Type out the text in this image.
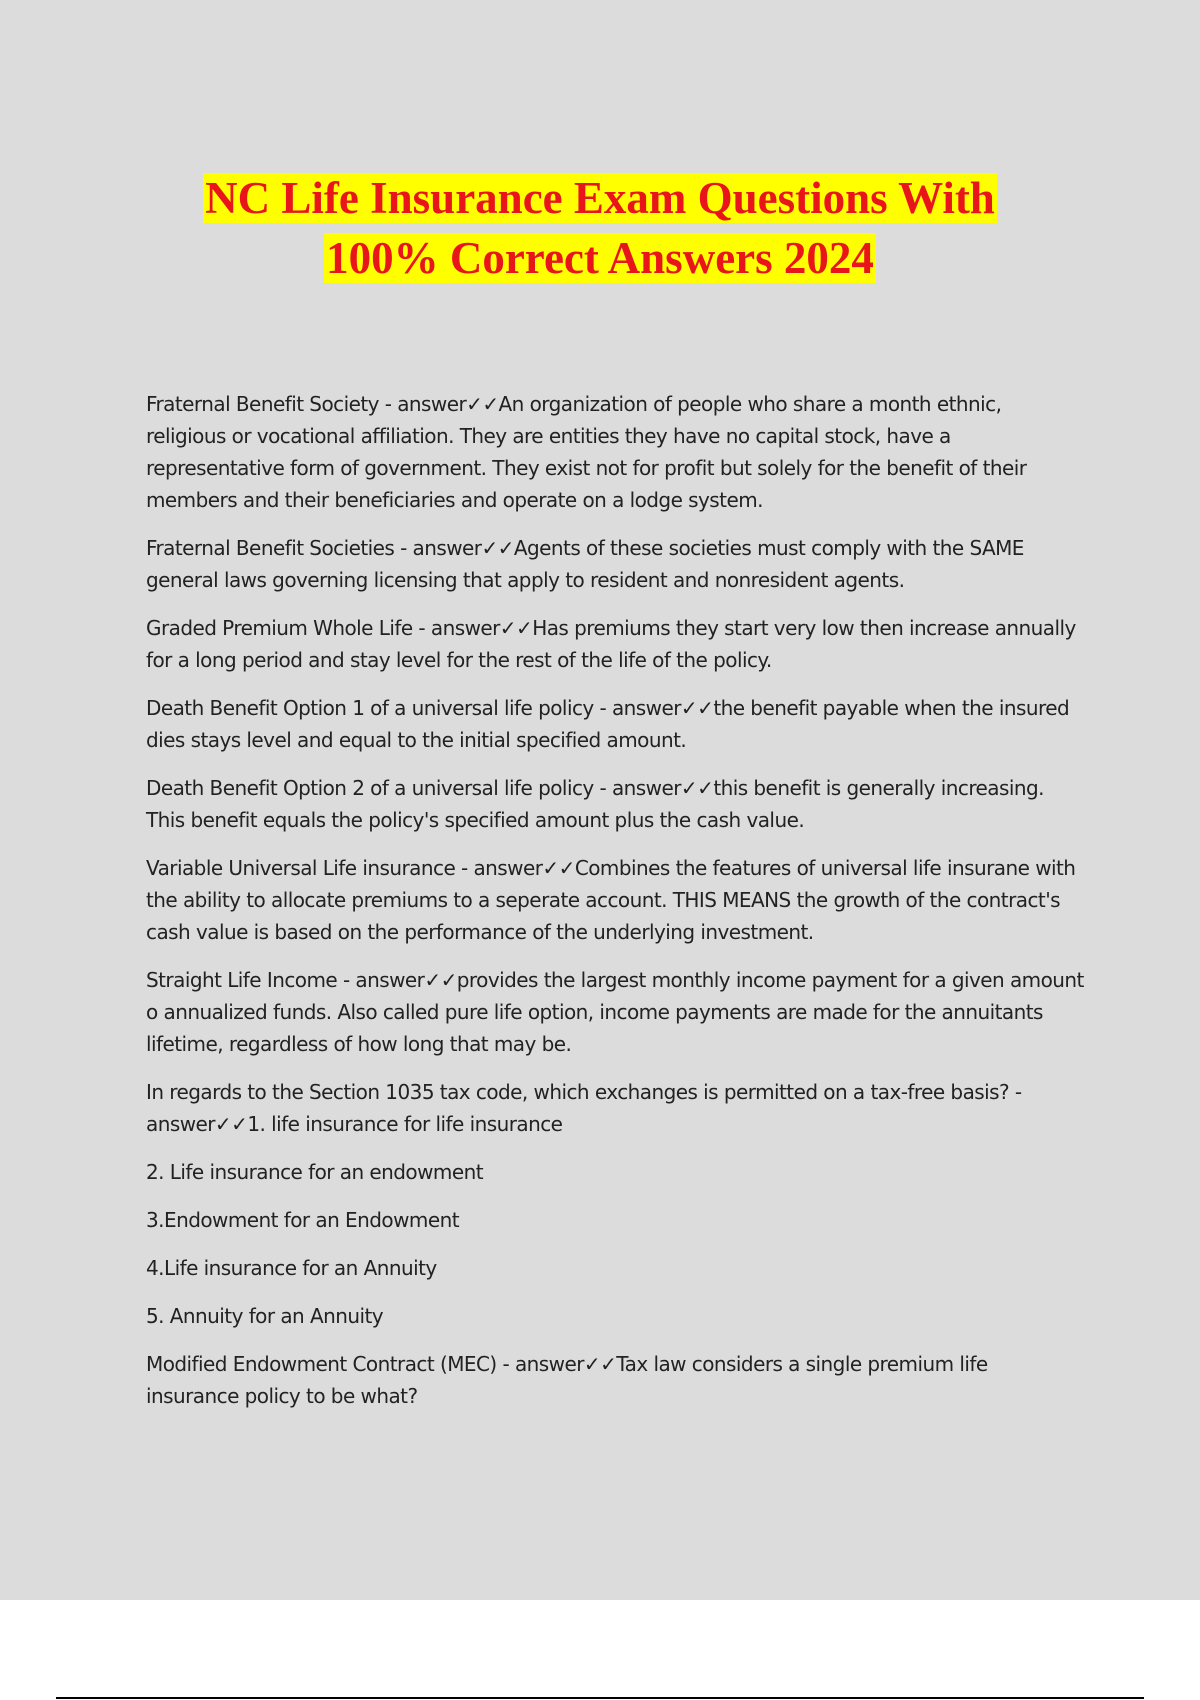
NC Life Insurance Exam Questions With
100% Correct Answers 2024

Fraternal Benefit Society - answer✓✓An organization of people who share a month ethnic, religious or vocational affiliation. They are entities they have no capital stock, have a representative form of government. They exist not for profit but solely for the benefit of their members and their beneficiaries and operate on a lodge system.

Fraternal Benefit Societies - answer✓✓Agents of these societies must comply with the SAME general laws governing licensing that apply to resident and nonresident agents.

Graded Premium Whole Life - answer✓✓Has premiums they start very low then increase annually for a long period and stay level for the rest of the life of the policy.

Death Benefit Option 1 of a universal life policy - answer✓✓the benefit payable when the insured dies stays level and equal to the initial specified amount.

Death Benefit Option 2 of a universal life policy - answer✓✓this benefit is generally increasing. This benefit equals the policy's specified amount plus the cash value.

Variable Universal Life insurance - answer✓✓Combines the features of universal life insurane with the ability to allocate premiums to a seperate account. THIS MEANS the growth of the contract's cash value is based on the performance of the underlying investment.

Straight Life Income - answer✓✓provides the largest monthly income payment for a given amount o annualized funds. Also called pure life option, income payments are made for the annuitants lifetime, regardless of how long that may be.

In regards to the Section 1035 tax code, which exchanges is permitted on a tax-free basis? - answer✓✓1. life insurance for life insurance

2. Life insurance for an endowment

3.Endowment for an Endowment

4.Life insurance for an Annuity

5. Annuity for an Annuity

Modified Endowment Contract (MEC) - answer✓✓Tax law considers a single premium life insurance policy to be what?
